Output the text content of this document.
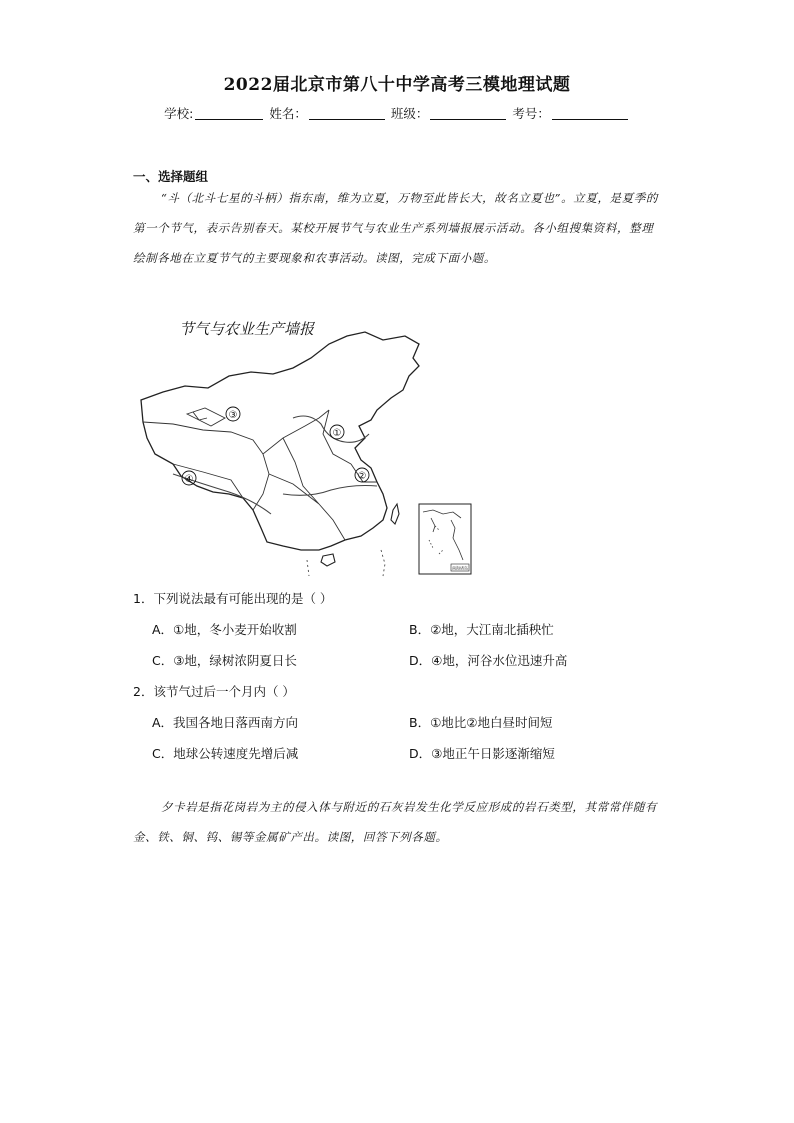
2022届北京市第八十中学高考三模地理试题
学校:	姓名：	班级：	考号：
一、选择题组
“斗（北斗七星的斗柄）指东南，维为立夏，万物至此皆长大，故名立夏也”。立夏，是夏季的第一个节气，表示告别春天。某校开展节气与农业生产系列墙报展示活动。各小组搜集资料，整理绘制各地在立夏节气的主要现象和农事活动。读图，完成下面小题。
节气与农业生产墙报
①
②
③
④
南海诸岛
1．下列说法最有可能出现的是（ ）
A．①地，冬小麦开始收割	B．②地，大江南北插秧忙
C．③地，绿树浓阴夏日长	D．④地，河谷水位迅速升高
2．该节气过后一个月内（ ）
A．我国各地日落西南方向	B．①地比②地白昼时间短
C．地球公转速度先增后减	D．③地正午日影逐渐缩短
夕卡岩是指花岗岩为主的侵入体与附近的石灰岩发生化学反应形成的岩石类型，其常常伴随有金、铁、铜、钨、锡等金属矿产出。读图，回答下列各题。
